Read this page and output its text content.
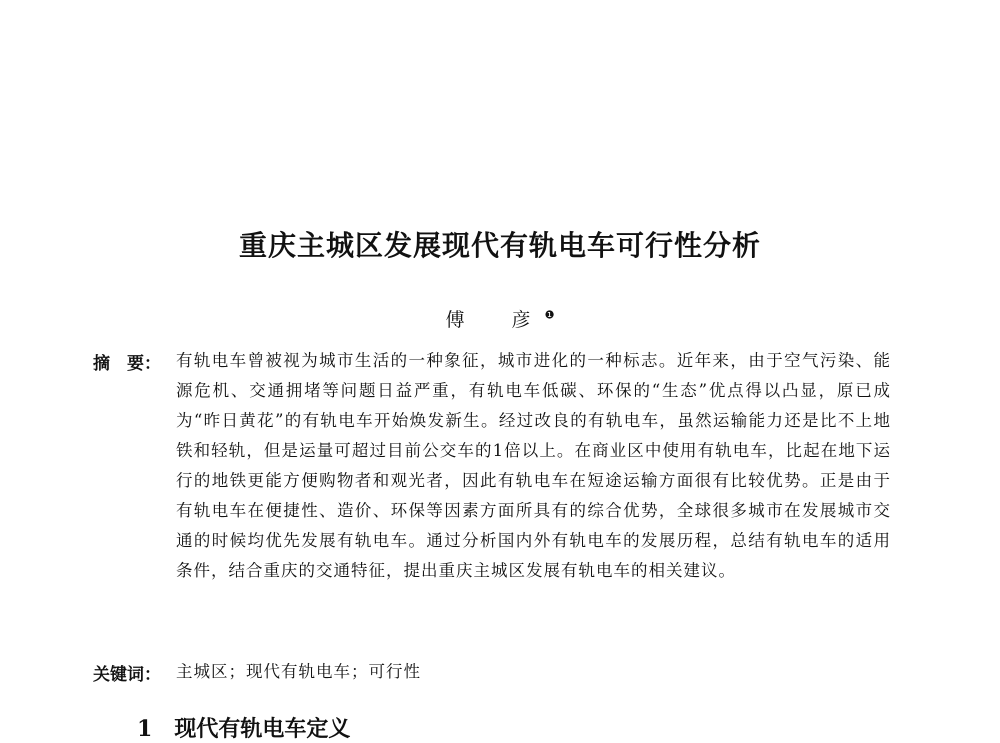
重庆主城区发展现代有轨电车可行性分析
傅　彦$^❶$
摘　要： 有轨电车曾被视为城市生活的一种象征，城市进化的一种标志。近年来，由于空气污染、能源危机、交通拥堵等问题日益严重，有轨电车低碳、环保的“生态”优点得以凸显，原已成为“昨日黄花”的有轨电车开始焕发新生。经过改良的有轨电车，虽然运输能力还是比不上地铁和轻轨，但是运量可超过目前公交车的1倍以上。在商业区中使用有轨电车，比起在地下运行的地铁更能方便购物者和观光者，因此有轨电车在短途运输方面很有比较优势。正是由于有轨电车在便捷性、造价、环保等因素方面所具有的综合优势，全球很多城市在发展城市交通的时候均优先发展有轨电车。通过分析国内外有轨电车的发展历程，总结有轨电车的适用条件，结合重庆的交通特征，提出重庆主城区发展有轨电车的相关建议。
关键词： 主城区；现代有轨电车；可行性
1 现代有轨电车定义
